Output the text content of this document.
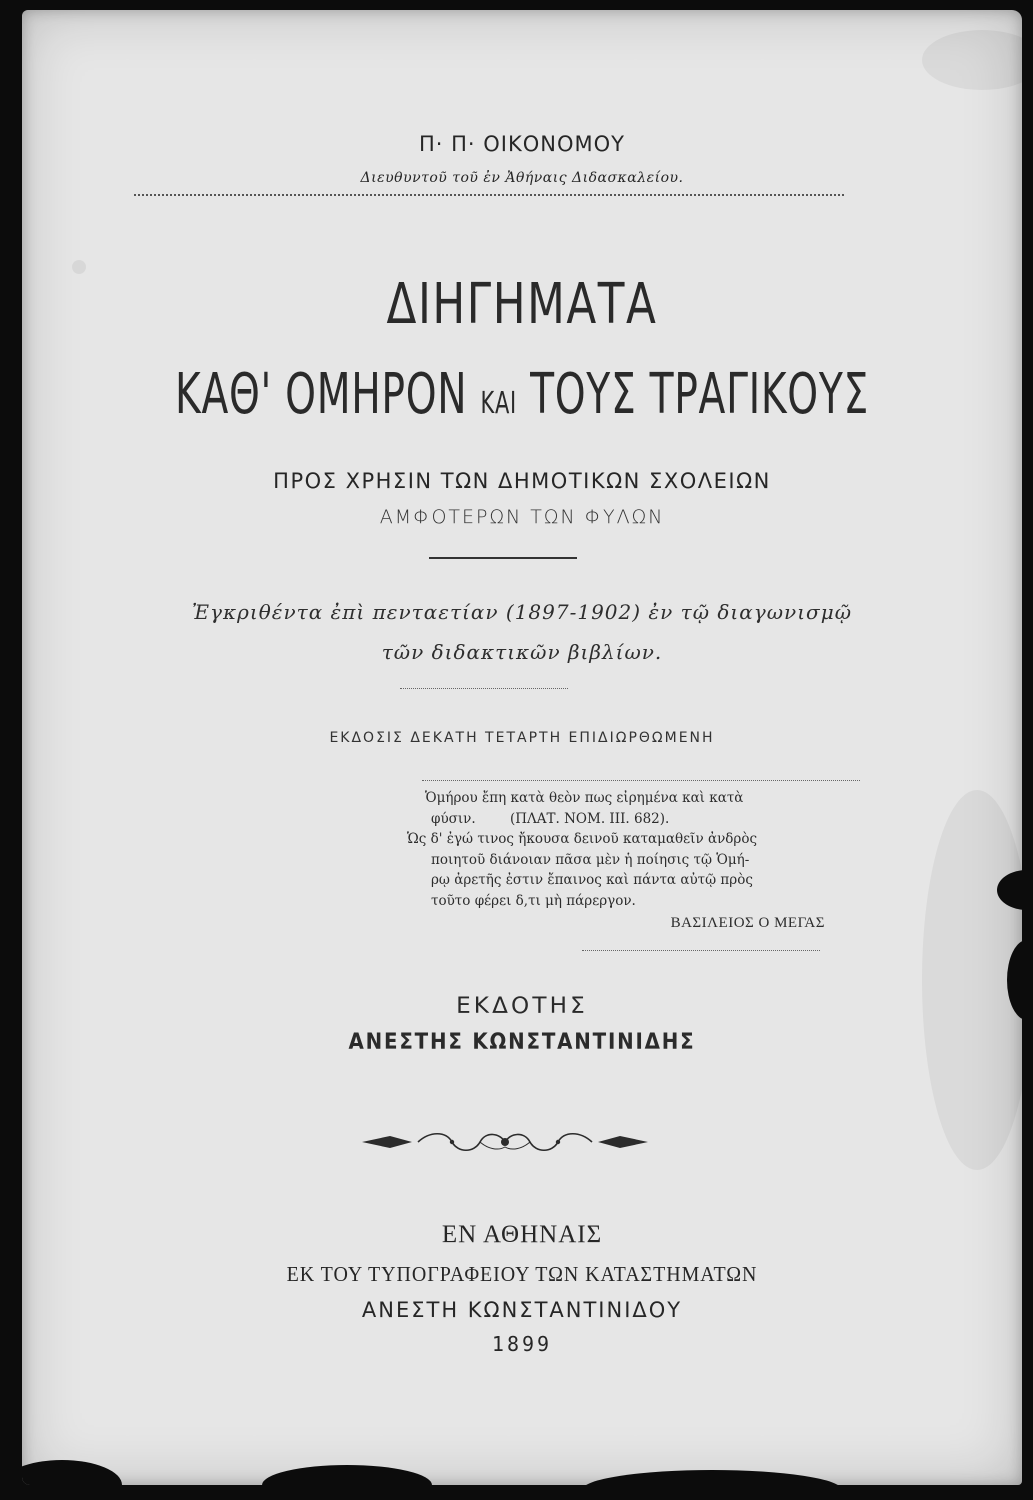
Π· Π· ΟΙΚΟΝΟΜΟΥ
Διευθυντοῦ τοῦ ἐν Ἀθήναις Διδασκαλείου.
ΔΙΗΓΗΜΑΤΑ
ΚΑΘ' ΟΜΗΡΟΝ ΚΑΙ ΤΟΥΣ ΤΡΑΓΙΚΟΥΣ
ΠΡΟΣ ΧΡΗΣΙΝ ΤΩΝ ΔΗΜΟΤΙΚΩΝ ΣΧΟΛΕΙΩΝ
ΑΜΦΟΤΕΡΩΝ ΤΩΝ ΦΥΛΩΝ
Ἐγκριθέντα ἐπὶ πενταετίαν (1897-1902) ἐν τῷ διαγωνισμῷ
τῶν διδακτικῶν βιβλίων.
ΕΚΔΟΣΙΣ ΔΕΚΑΤΗ ΤΕΤΑΡΤΗ ΕΠΙΔΙΩΡΘΩΜΕΝΗ
Ὁμήρου ἔπη κατὰ θεὸν πως εἰρημένα καὶ κατὰ
φύσιν.        (ΠΛΑΤ. ΝΟΜ. III. 682).
Ὡς δ' ἐγώ τινος ἤκουσα δεινοῦ καταμαθεῖν ἀνδρὸς
ποιητοῦ διάνοιαν πᾶσα μὲν ἡ ποίησις τῷ Ὁμή-
ρῳ ἀρετῆς ἐστιν ἔπαινος καὶ πάντα αὐτῷ πρὸς
τοῦτο φέρει δ,τι μὴ πάρεργον.
ΒΑΣΙΛΕΙΟΣ Ο ΜΕΓΑΣ
ΕΚΔΟΤΗΣ
ΑΝΕΣΤΗΣ ΚΩΝΣΤΑΝΤΙΝΙΔΗΣ
ΕΝ ΑΘΗΝΑΙΣ
ΕΚ ΤΟΥ ΤΥΠΟΓΡΑΦΕΙΟΥ ΤΩΝ ΚΑΤΑΣΤΗΜΑΤΩΝ
ΑΝΕΣΤΗ ΚΩΝΣΤΑΝΤΙΝΙΔΟΥ
1899
